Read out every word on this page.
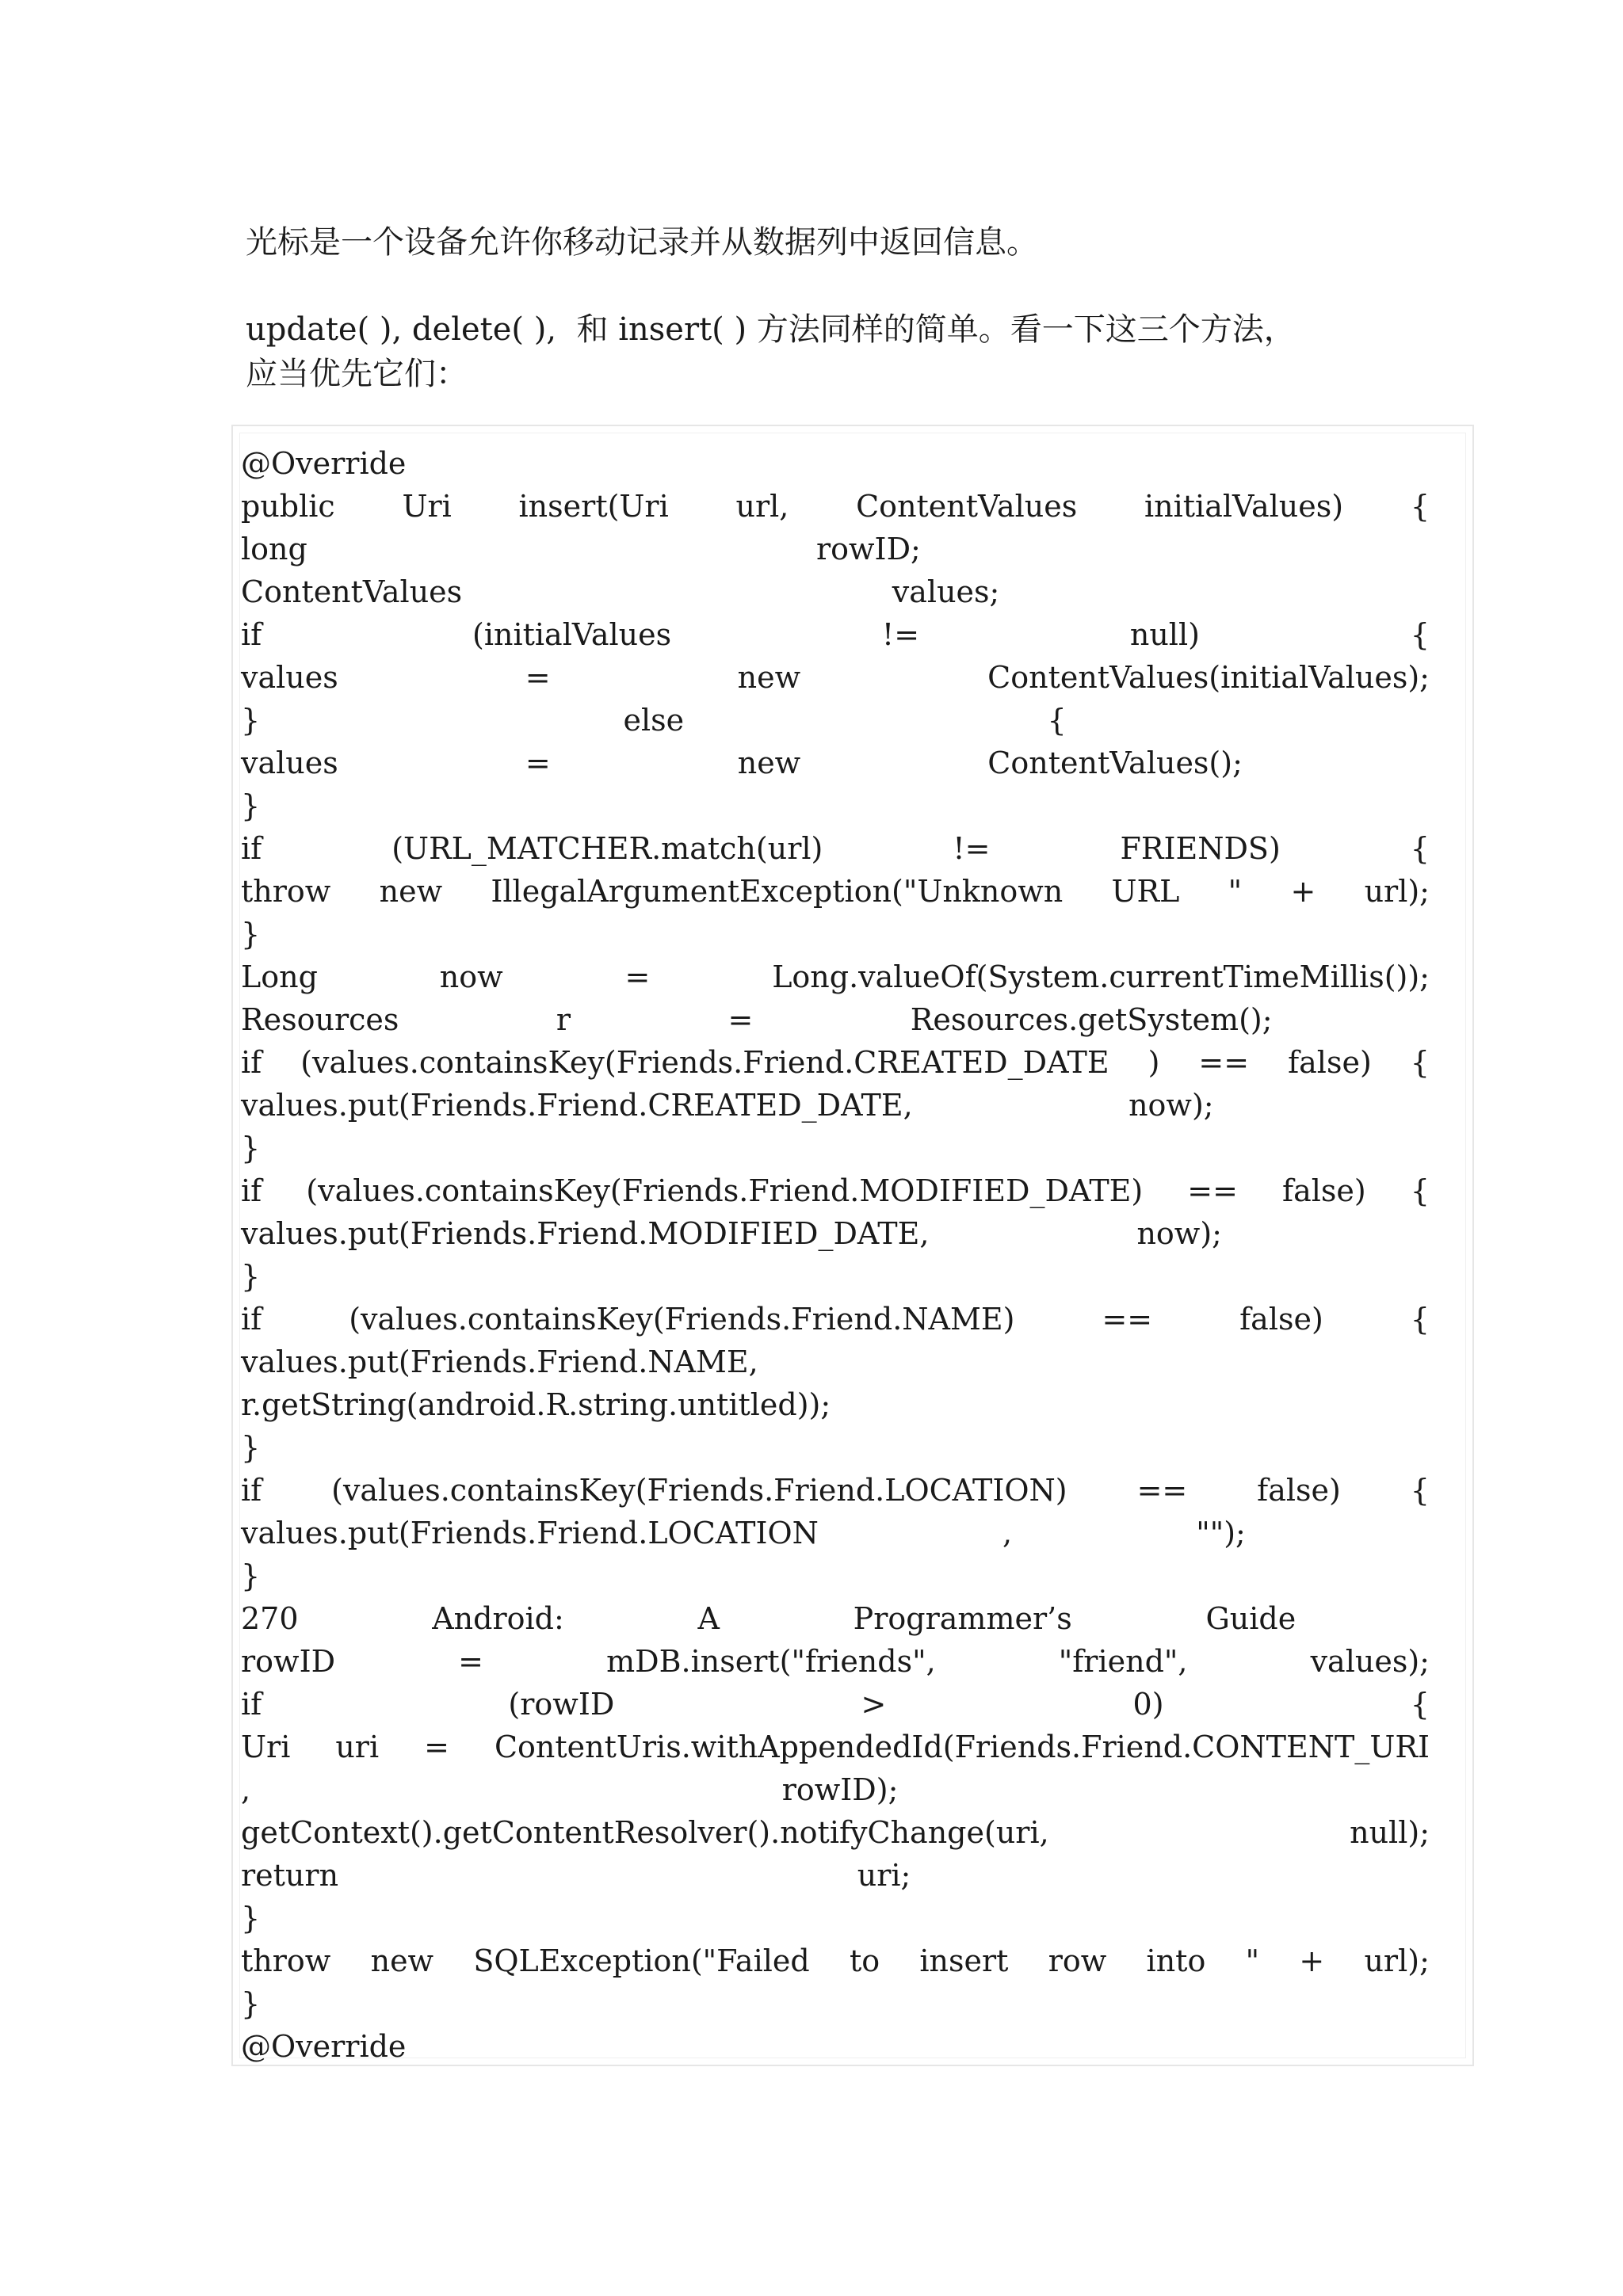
光标是一个设备允许你移动记录并从数据列中返回信息。

update( ), delete( ),  和 insert( ) 方法同样的简单。看一下这三个方法，
应当优先它们：

@Override
public Uri insert(Uri url, ContentValues initialValues) {
long	rowID;
ContentValues	values;
if	(initialValues	!=	null)	{
values	=	new	ContentValues(initialValues);
}	else	{
values	=	new	ContentValues();
}
if	(URL_MATCHER.match(url)	!=	FRIENDS)	{
throw new IllegalArgumentException("Unknown URL " + url);
}
Long	now	=	Long.valueOf(System.currentTimeMillis());
Resources	r	=	Resources.getSystem();
if (values.containsKey(Friends.Friend.CREATED_DATE ) == false) {
values.put(Friends.Friend.CREATED_DATE,	now);
}
if (values.containsKey(Friends.Friend.MODIFIED_DATE) == false) {
values.put(Friends.Friend.MODIFIED_DATE,	now);
}
if	(values.containsKey(Friends.Friend.NAME)	==	false)	{
values.put(Friends.Friend.NAME,
r.getString(android.R.string.untitled));
}
if (values.containsKey(Friends.Friend.LOCATION) == false) {
values.put(Friends.Friend.LOCATION	,	"");
}
270	Android:	A	Programmer’s	Guide
rowID	=	mDB.insert("friends",	"friend",	values);
if	(rowID	>	0)	{
Uri uri = ContentUris.withAppendedId(Friends.Friend.CONTENT_URI
,	rowID);
getContext().getContentResolver().notifyChange(uri,	null);
return	uri;
}
throw new SQLException("Failed to insert row into " + url);
}
@Override
